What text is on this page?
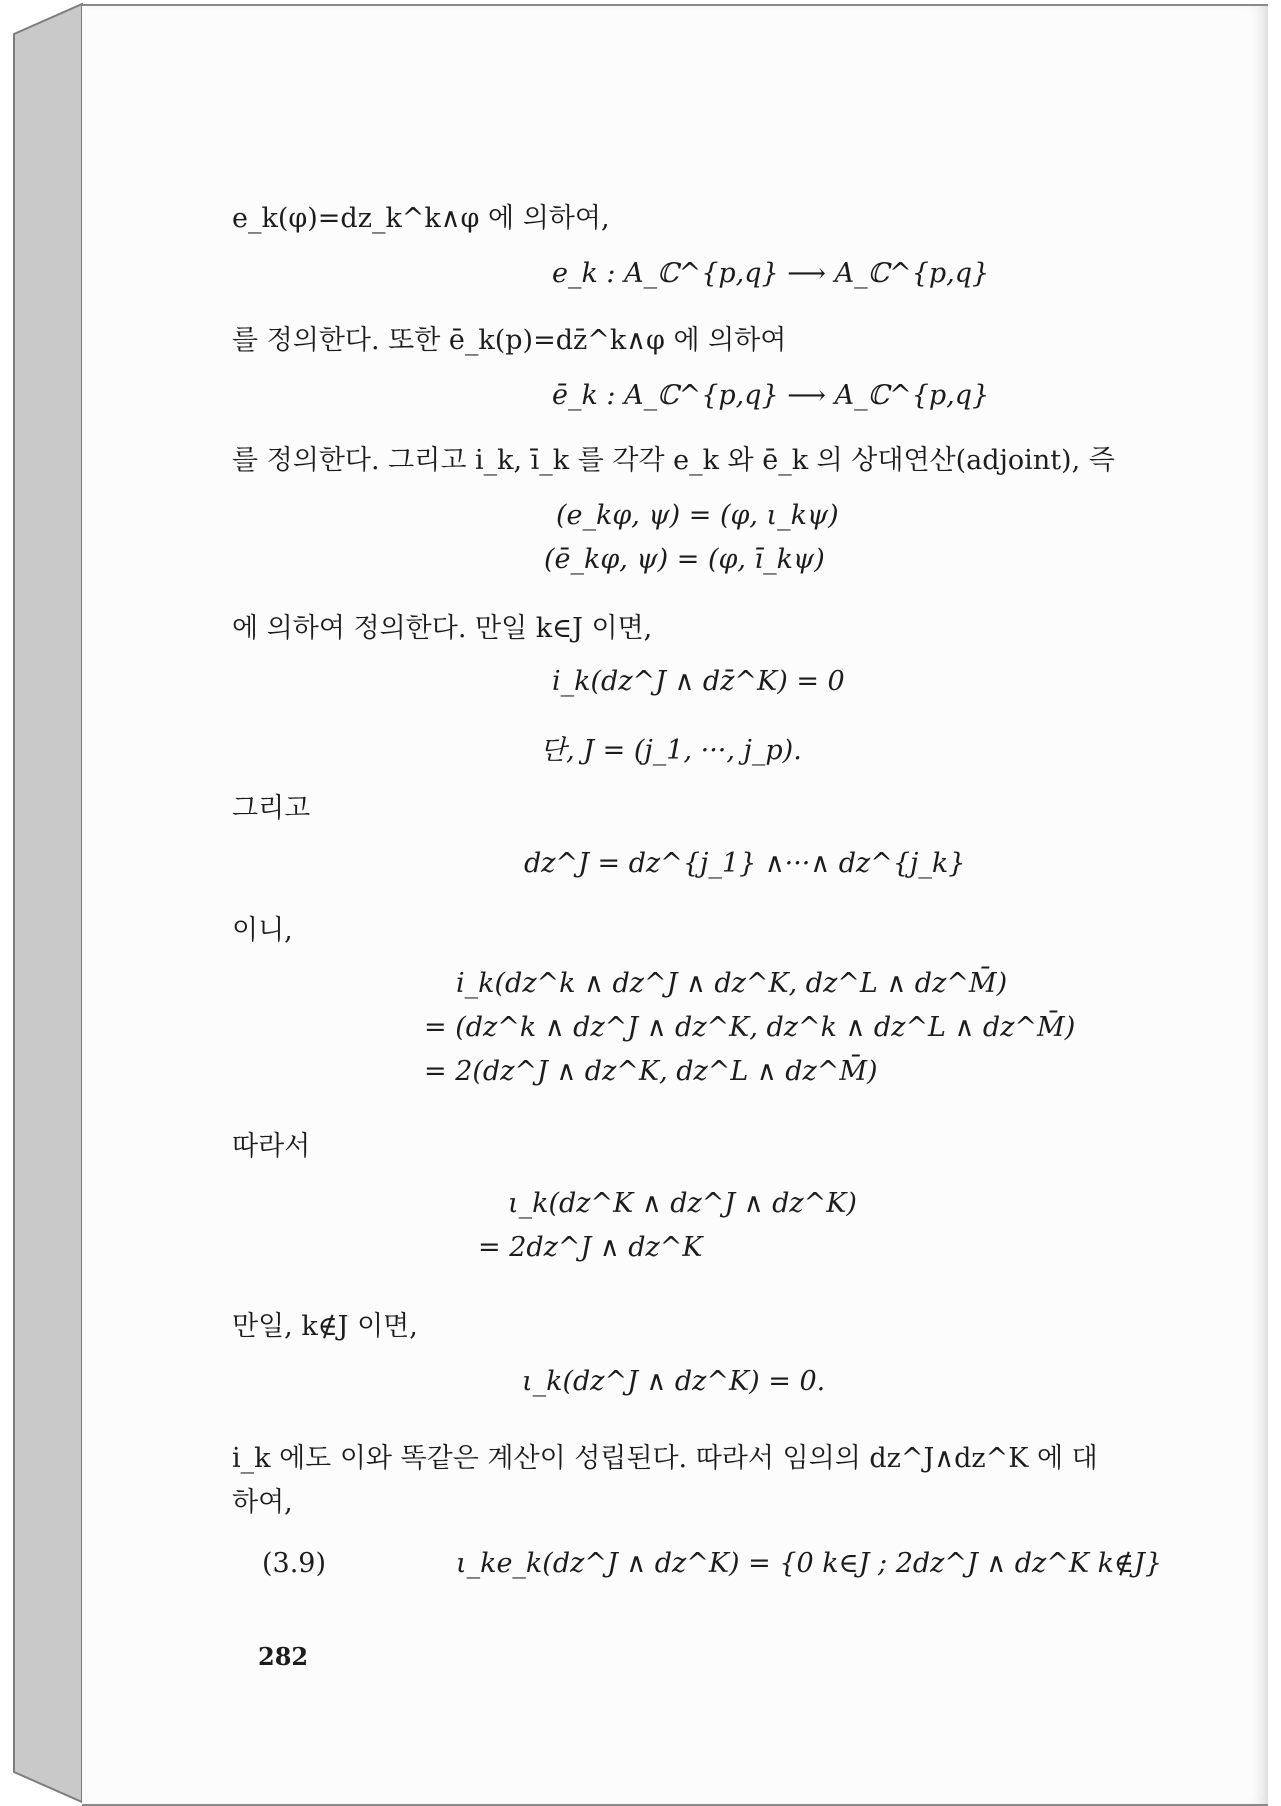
e_k(φ)=dz_k^k∧φ 에 의하여,
e_k : A_ℂ^{p,q} ⟶ A_ℂ^{p,q}
를 정의한다. 또한 ē_k(p)=dz̄^k∧φ 에 의하여
ē_k : A_ℂ^{p,q} ⟶ A_ℂ^{p,q}
를 정의한다. 그리고 i_k, ī_k 를 각각 e_k 와 ē_k 의 상대연산(adjoint), 즉
(e_kφ, ψ) = (φ, ι_kψ)
(ē_kφ, ψ) = (φ, ī_kψ)
에 의하여 정의한다. 만일 k∈J 이면,
i_k(dz^J ∧ dz̄^K) = 0
단, J = (j_1, ···, j_p).
그리고
dz^J = dz^{j_1} ∧···∧ dz^{j_k}
이니,
i_k(dz^k ∧ dz^J ∧ dz^K, dz^L ∧ dz^M̄)
= (dz^k ∧ dz^J ∧ dz^K, dz^k ∧ dz^L ∧ dz^M̄)
= 2(dz^J ∧ dz^K, dz^L ∧ dz^M̄)
따라서
ι_k(dz^K ∧ dz^J ∧ dz^K)
= 2dz^J ∧ dz^K
만일, k∉J 이면,
ι_k(dz^J ∧ dz^K) = 0.
i_k 에도 이와 똑같은 계산이 성립된다. 따라서 임의의 dz^J∧dz^K 에 대
하여,
(3.9)	ι_ke_k(dz^J ∧ dz^K) = {0 k∈J ; 2dz^J ∧ dz^K k∉J}
282
